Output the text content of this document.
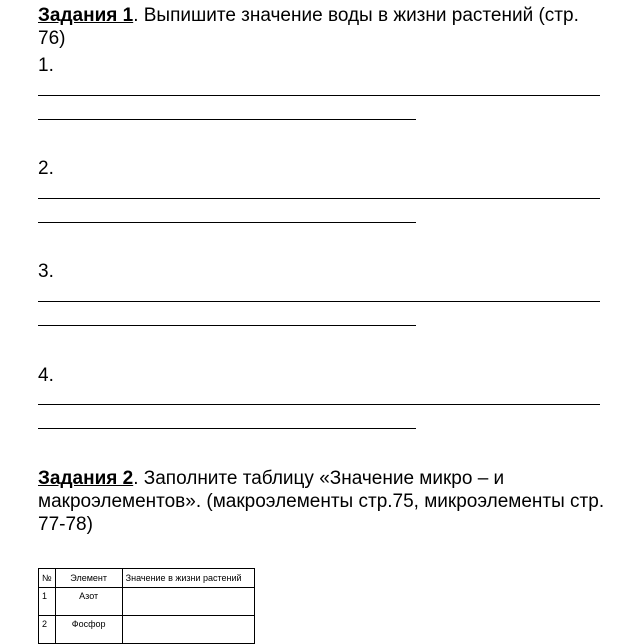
Задания 1. Выпишите значение воды в жизни растений (стр. 76)
1.
2.
3.
4.
Задания 2. Заполните таблицу «Значение микро – и макроэлементов». (макроэлементы стр.75, микроэлементы стр. 77-78)
№	Элемент	Значение в жизни растений
1	Азот	
2	Фосфор	
